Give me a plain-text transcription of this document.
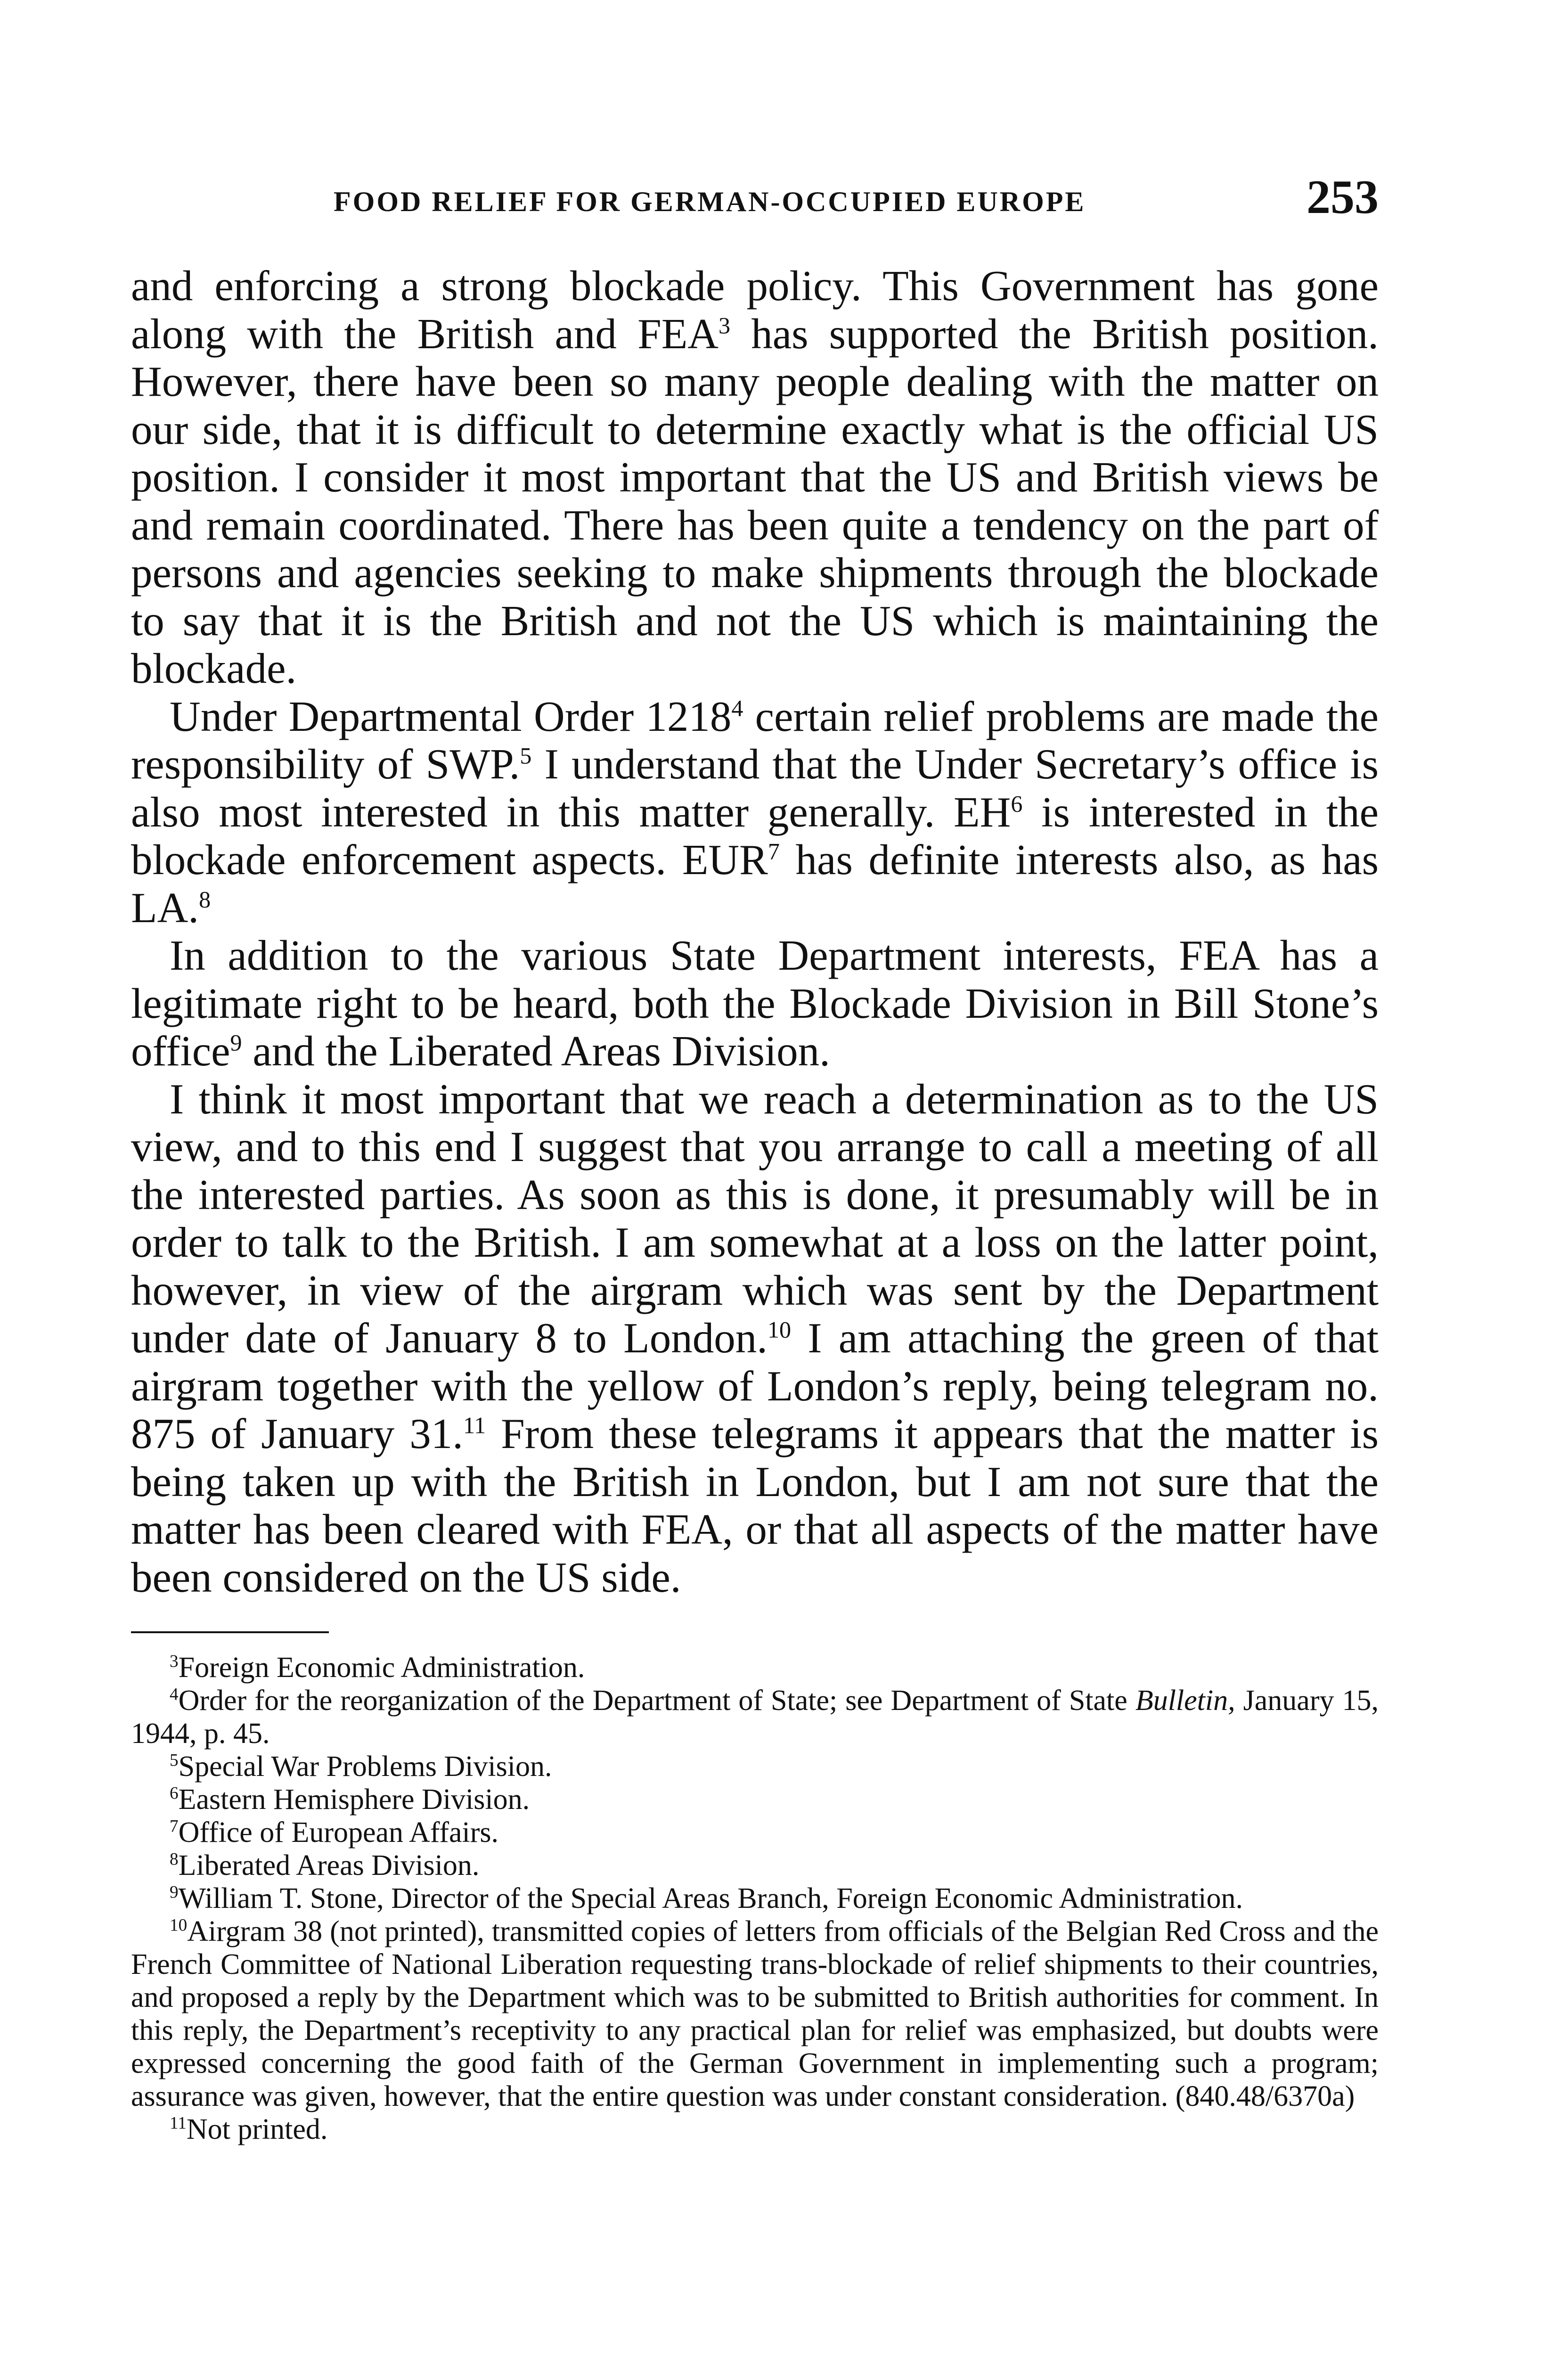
FOOD RELIEF FOR GERMAN-OCCUPIED EUROPE	253

and enforcing a strong blockade policy. This Government has gone along with the British and FEA$^3$ has supported the British position. However, there have been so many people dealing with the matter on our side, that it is difficult to determine exactly what is the official US position. I consider it most important that the US and British views be and remain coordinated. There has been quite a tendency on the part of persons and agencies seeking to make shipments through the blockade to say that it is the British and not the US which is maintaining the blockade.

Under Departmental Order 1218$^4$ certain relief problems are made the responsibility of SWP.$^5$ I understand that the Under Secretary’s office is also most interested in this matter generally. $EH^6$ is interested in the blockade enforcement aspects. EUR$^7$ has definite interests also, as has LA.$^8$

In addition to the various State Department interests, FEA has a legitimate right to be heard, both the Blockade Division in Bill Stone’s office$^9$ and the Liberated Areas Division.

I think it most important that we reach a determination as to the US view, and to this end I suggest that you arrange to call a meeting of all the interested parties. As soon as this is done, it presumably will be in order to talk to the British. I am somewhat at a loss on the latter point, however, in view of the airgram which was sent by the Department under date of January 8 to London.$^{10}$ I am attaching the green of that airgram together with the yellow of London’s reply, being telegram no. 875 of January 31.11 From these telegrams it appears that the matter is being taken up with the British in London, but I am not sure that the matter has been cleared with FEA, or that all aspects of the matter have been considered on the US side.

$^3$Foreign Economic Administration.

$^4$Order for the reorganization of the Department of State; see Department of State Bulletin, January 15, 1944, p. 45.

$^5$Special War Problems Division.

$^6$Eastern Hemisphere Division.

$^7$Office of European Affairs.

$^8$Liberated Areas Division.

$^9$William T. Stone, Director of the Special Areas Branch, Foreign Economic Administration.

$^{10}$Airgram 38 (not printed), transmitted copies of letters from officials of the Belgian Red Cross and the French Committee of National Liberation requesting trans-blockade of relief shipments to their countries, and proposed a reply by the Department which was to be submitted to British authorities for comment. In this reply, the Department’s receptivity to any practical plan for relief was emphasized, but doubts were expressed concerning the good faith of the German Government in implementing such a program; assurance was given, however, that the entire question was under constant consideration. (840.48/6370a)

$^{11}$Not printed.
